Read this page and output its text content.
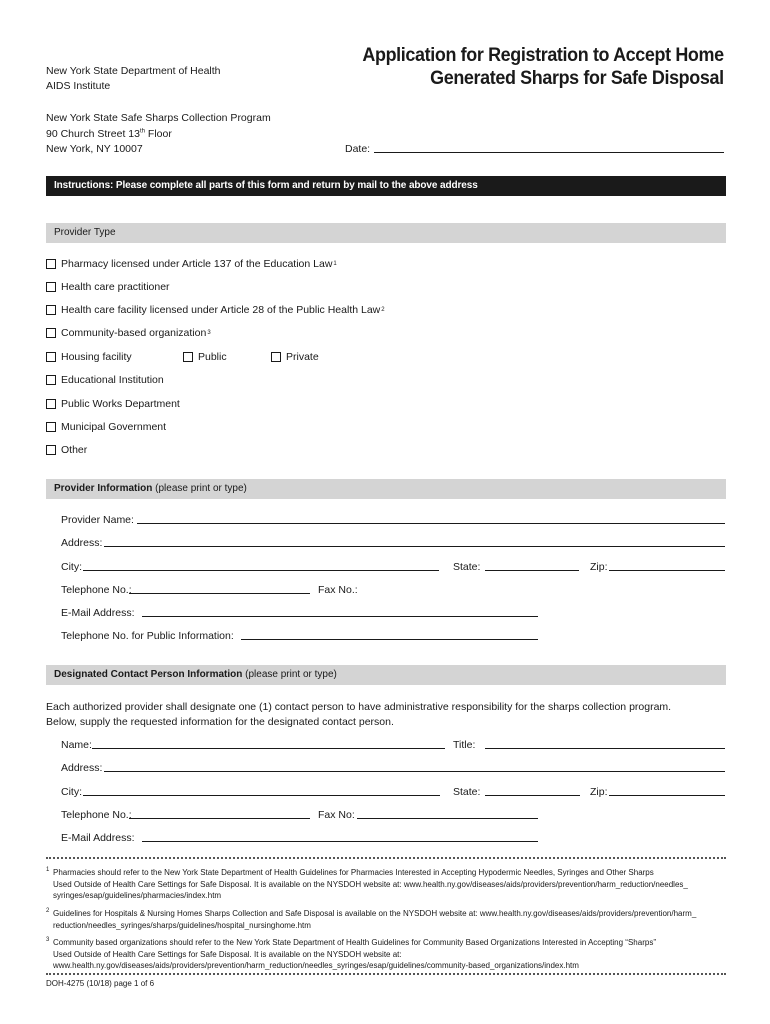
New York State Department of Health
AIDS Institute
Application for Registration to Accept Home
Generated Sharps for Safe Disposal
New York State Safe Sharps Collection Program
90 Church Street 13th Floor
New York, NY 10007	Date:
Instructions: Please complete all parts of this form and return by mail to the above address
Provider Type
Pharmacy licensed under Article 137 of the Education Law 1
Health care practitioner
Health care facility licensed under Article 28 of the Public Health Law 2
Community-based organization 3
Housing facility	Public	Private
Educational Institution
Public Works Department
Municipal Government
Other
Provider Information (please print or type)
Provider Name:
Address:
City:	State:	Zip:
Telephone No.:	Fax No.:
E-Mail Address:
Telephone No. for Public Information:
Designated Contact Person Information (please print or type)
Each authorized provider shall designate one (1) contact person to have administrative responsibility for the sharps collection program.
Below, supply the requested information for the designated contact person.
Name:	Title:
Address:
City:	State:	Zip:
Telephone No.:	Fax No:
E-Mail Address:
1 Pharmacies should refer to the New York State Department of Health Guidelines for Pharmacies Interested in Accepting Hypodermic Needles, Syringes and Other Sharps
Used Outside of Health Care Settings for Safe Disposal. It is available on the NYSDOH website at: www.health.ny.gov/diseases/aids/providers/prevention/harm_reduction/needles_
syringes/esap/guidelines/pharmacies/index.htm
2 Guidelines for Hospitals & Nursing Homes Sharps Collection and Safe Disposal is available on the NYSDOH website at: www.health.ny.gov/diseases/aids/providers/prevention/harm_
reduction/needles_syringes/sharps/guidelines/hospital_nursinghome.htm
3 Community based organizations should refer to the New York State Department of Health Guidelines for Community Based Organizations Interested in Accepting “Sharps”
Used Outside of Health Care Settings for Safe Disposal. It is available on the NYSDOH website at:
www.health.ny.gov/diseases/aids/providers/prevention/harm_reduction/needles_syringes/esap/guidelines/community-based_organizations/index.htm
DOH-4275 (10/18) page 1 of 6
